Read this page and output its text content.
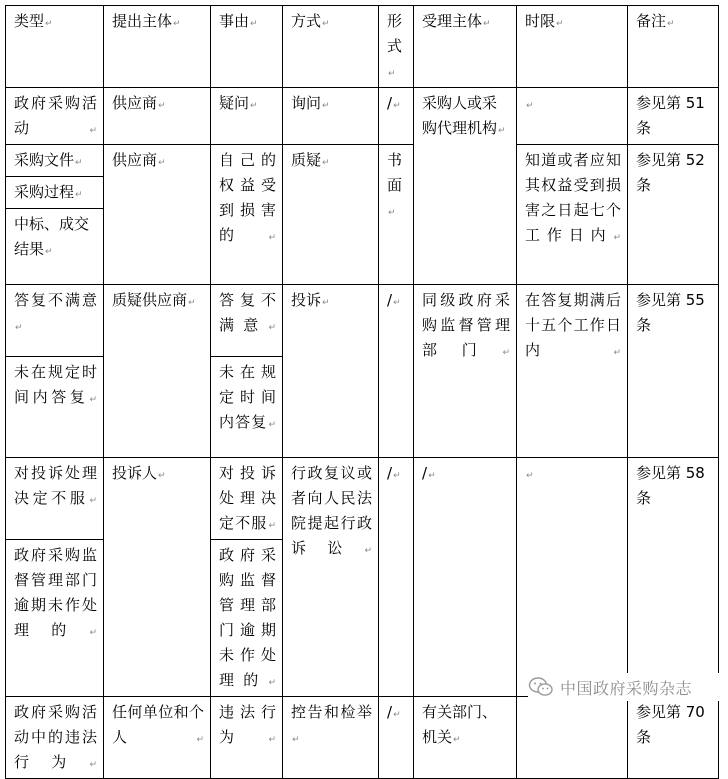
类型↵	提出主体↵	事由↵	方式↵	形式↵	受理主体↵	时限↵	备注↵
政府采购活动↵	供应商↵	疑问↵	询问↵	/↵	采购人或采购代理机构↵	↵	参见第 51 条
采购文件↵	供应商↵	自己的权益受到损害的↵	质疑↵	书面↵		知道或者应知其权益受到损害之日起七个工作日内↵	参见第 52 条
采购过程↵							
中标、成交结果↵							
答复不满意↵	质疑供应商↵	答复不满意↵	投诉↵	/↵	同级政府采购监督管理部门↵	在答复期满后十五个工作日内↵	参见第 55 条
未在规定时间内答复↵		未在规定时间内答复↵					
对投诉处理决定不服↵	投诉人↵	对投诉处理决定不服↵	行政复议或者向人民法院提起行政诉讼↵	/↵	/↵	↵	参见第 58 条
政府采购监督管理部门逾期未作处理的↵		政府采购监督管理部门逾期未作处理的↵					
政府采购活动中的违法行为↵	任何单位和个人↵	违法行为↵	控告和检举↵	/↵	有关部门、机关↵		参见第 70 条
中国政府采购杂志
